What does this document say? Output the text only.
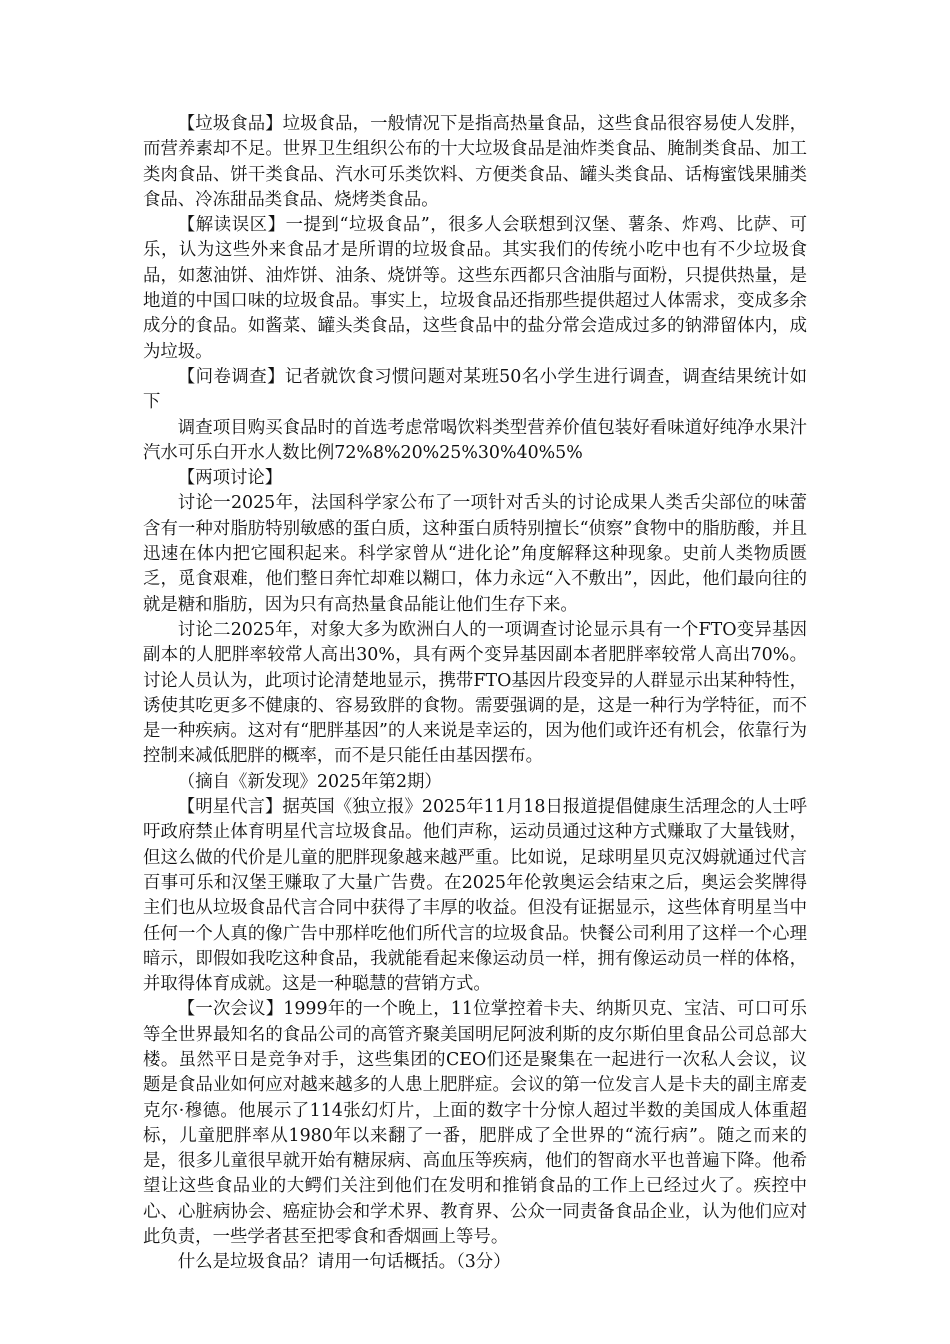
【垃圾食品】垃圾食品，一般情况下是指高热量食品，这些食品很容易使人发胖，而营养素却不足。世界卫生组织公布的十大垃圾食品是油炸类食品、腌制类食品、加工类肉食品、饼干类食品、汽水可乐类饮料、方便类食品、罐头类食品、话梅蜜饯果脯类食品、冷冻甜品类食品、烧烤类食品。

【解读误区】一提到“垃圾食品”，很多人会联想到汉堡、薯条、炸鸡、比萨、可乐，认为这些外来食品才是所谓的垃圾食品。其实我们的传统小吃中也有不少垃圾食品，如葱油饼、油炸饼、油条、烧饼等。这些东西都只含油脂与面粉，只提供热量，是地道的中国口味的垃圾食品。事实上，垃圾食品还指那些提供超过人体需求，变成多余成分的食品。如酱菜、罐头类食品，这些食品中的盐分常会造成过多的钠滞留体内，成为垃圾。

【问卷调查】记者就饮食习惯问题对某班50名小学生进行调查，调查结果统计如下

调查项目购买食品时的首选考虑常喝饮料类型营养价值包装好看味道好纯净水果汁汽水可乐白开水人数比例72%8%20%25%30%40%5%

【两项讨论】

讨论一2025年，法国科学家公布了一项针对舌头的讨论成果人类舌尖部位的味蕾含有一种对脂肪特别敏感的蛋白质，这种蛋白质特别擅长“侦察”食物中的脂肪酸，并且迅速在体内把它囤积起来。科学家曾从“进化论”角度解释这种现象。史前人类物质匮乏，觅食艰难，他们整日奔忙却难以糊口，体力永远“入不敷出”，因此，他们最向往的就是糖和脂肪，因为只有高热量食品能让他们生存下来。

讨论二2025年，对象大多为欧洲白人的一项调查讨论显示具有一个FTO变异基因副本的人肥胖率较常人高出30%，具有两个变异基因副本者肥胖率较常人高出70%。讨论人员认为，此项讨论清楚地显示，携带FTO基因片段变异的人群显示出某种特性，诱使其吃更多不健康的、容易致胖的食物。需要强调的是，这是一种行为学特征，而不是一种疾病。这对有“肥胖基因”的人来说是幸运的，因为他们或许还有机会，依靠行为控制来减低肥胖的概率，而不是只能任由基因摆布。

（摘自《新发现》2025年第2期）

【明星代言】据英国《独立报》2025年11月18日报道提倡健康生活理念的人士呼吁政府禁止体育明星代言垃圾食品。他们声称，运动员通过这种方式赚取了大量钱财，但这么做的代价是儿童的肥胖现象越来越严重。比如说，足球明星贝克汉姆就通过代言百事可乐和汉堡王赚取了大量广告费。在2025年伦敦奥运会结束之后，奥运会奖牌得主们也从垃圾食品代言合同中获得了丰厚的收益。但没有证据显示，这些体育明星当中任何一个人真的像广告中那样吃他们所代言的垃圾食品。快餐公司利用了这样一个心理暗示，即假如我吃这种食品，我就能看起来像运动员一样，拥有像运动员一样的体格，并取得体育成就。这是一种聪慧的营销方式。

【一次会议】1999年的一个晚上，11位掌控着卡夫、纳斯贝克、宝洁、可口可乐等全世界最知名的食品公司的高管齐聚美国明尼阿波利斯的皮尔斯伯里食品公司总部大楼。虽然平日是竞争对手，这些集团的CEO们还是聚集在一起进行一次私人会议，议题是食品业如何应对越来越多的人患上肥胖症。会议的第一位发言人是卡夫的副主席麦克尔·穆德。他展示了114张幻灯片，上面的数字十分惊人超过半数的美国成人体重超标，儿童肥胖率从1980年以来翻了一番，肥胖成了全世界的“流行病”。随之而来的是，很多儿童很早就开始有糖尿病、高血压等疾病，他们的智商水平也普遍下降。他希望让这些食品业的大鳄们关注到他们在发明和推销食品的工作上已经过火了。疾控中心、心脏病协会、癌症协会和学术界、教育界、公众一同责备食品企业，认为他们应对此负责，一些学者甚至把零食和香烟画上等号。

什么是垃圾食品？请用一句话概括。（3分）
